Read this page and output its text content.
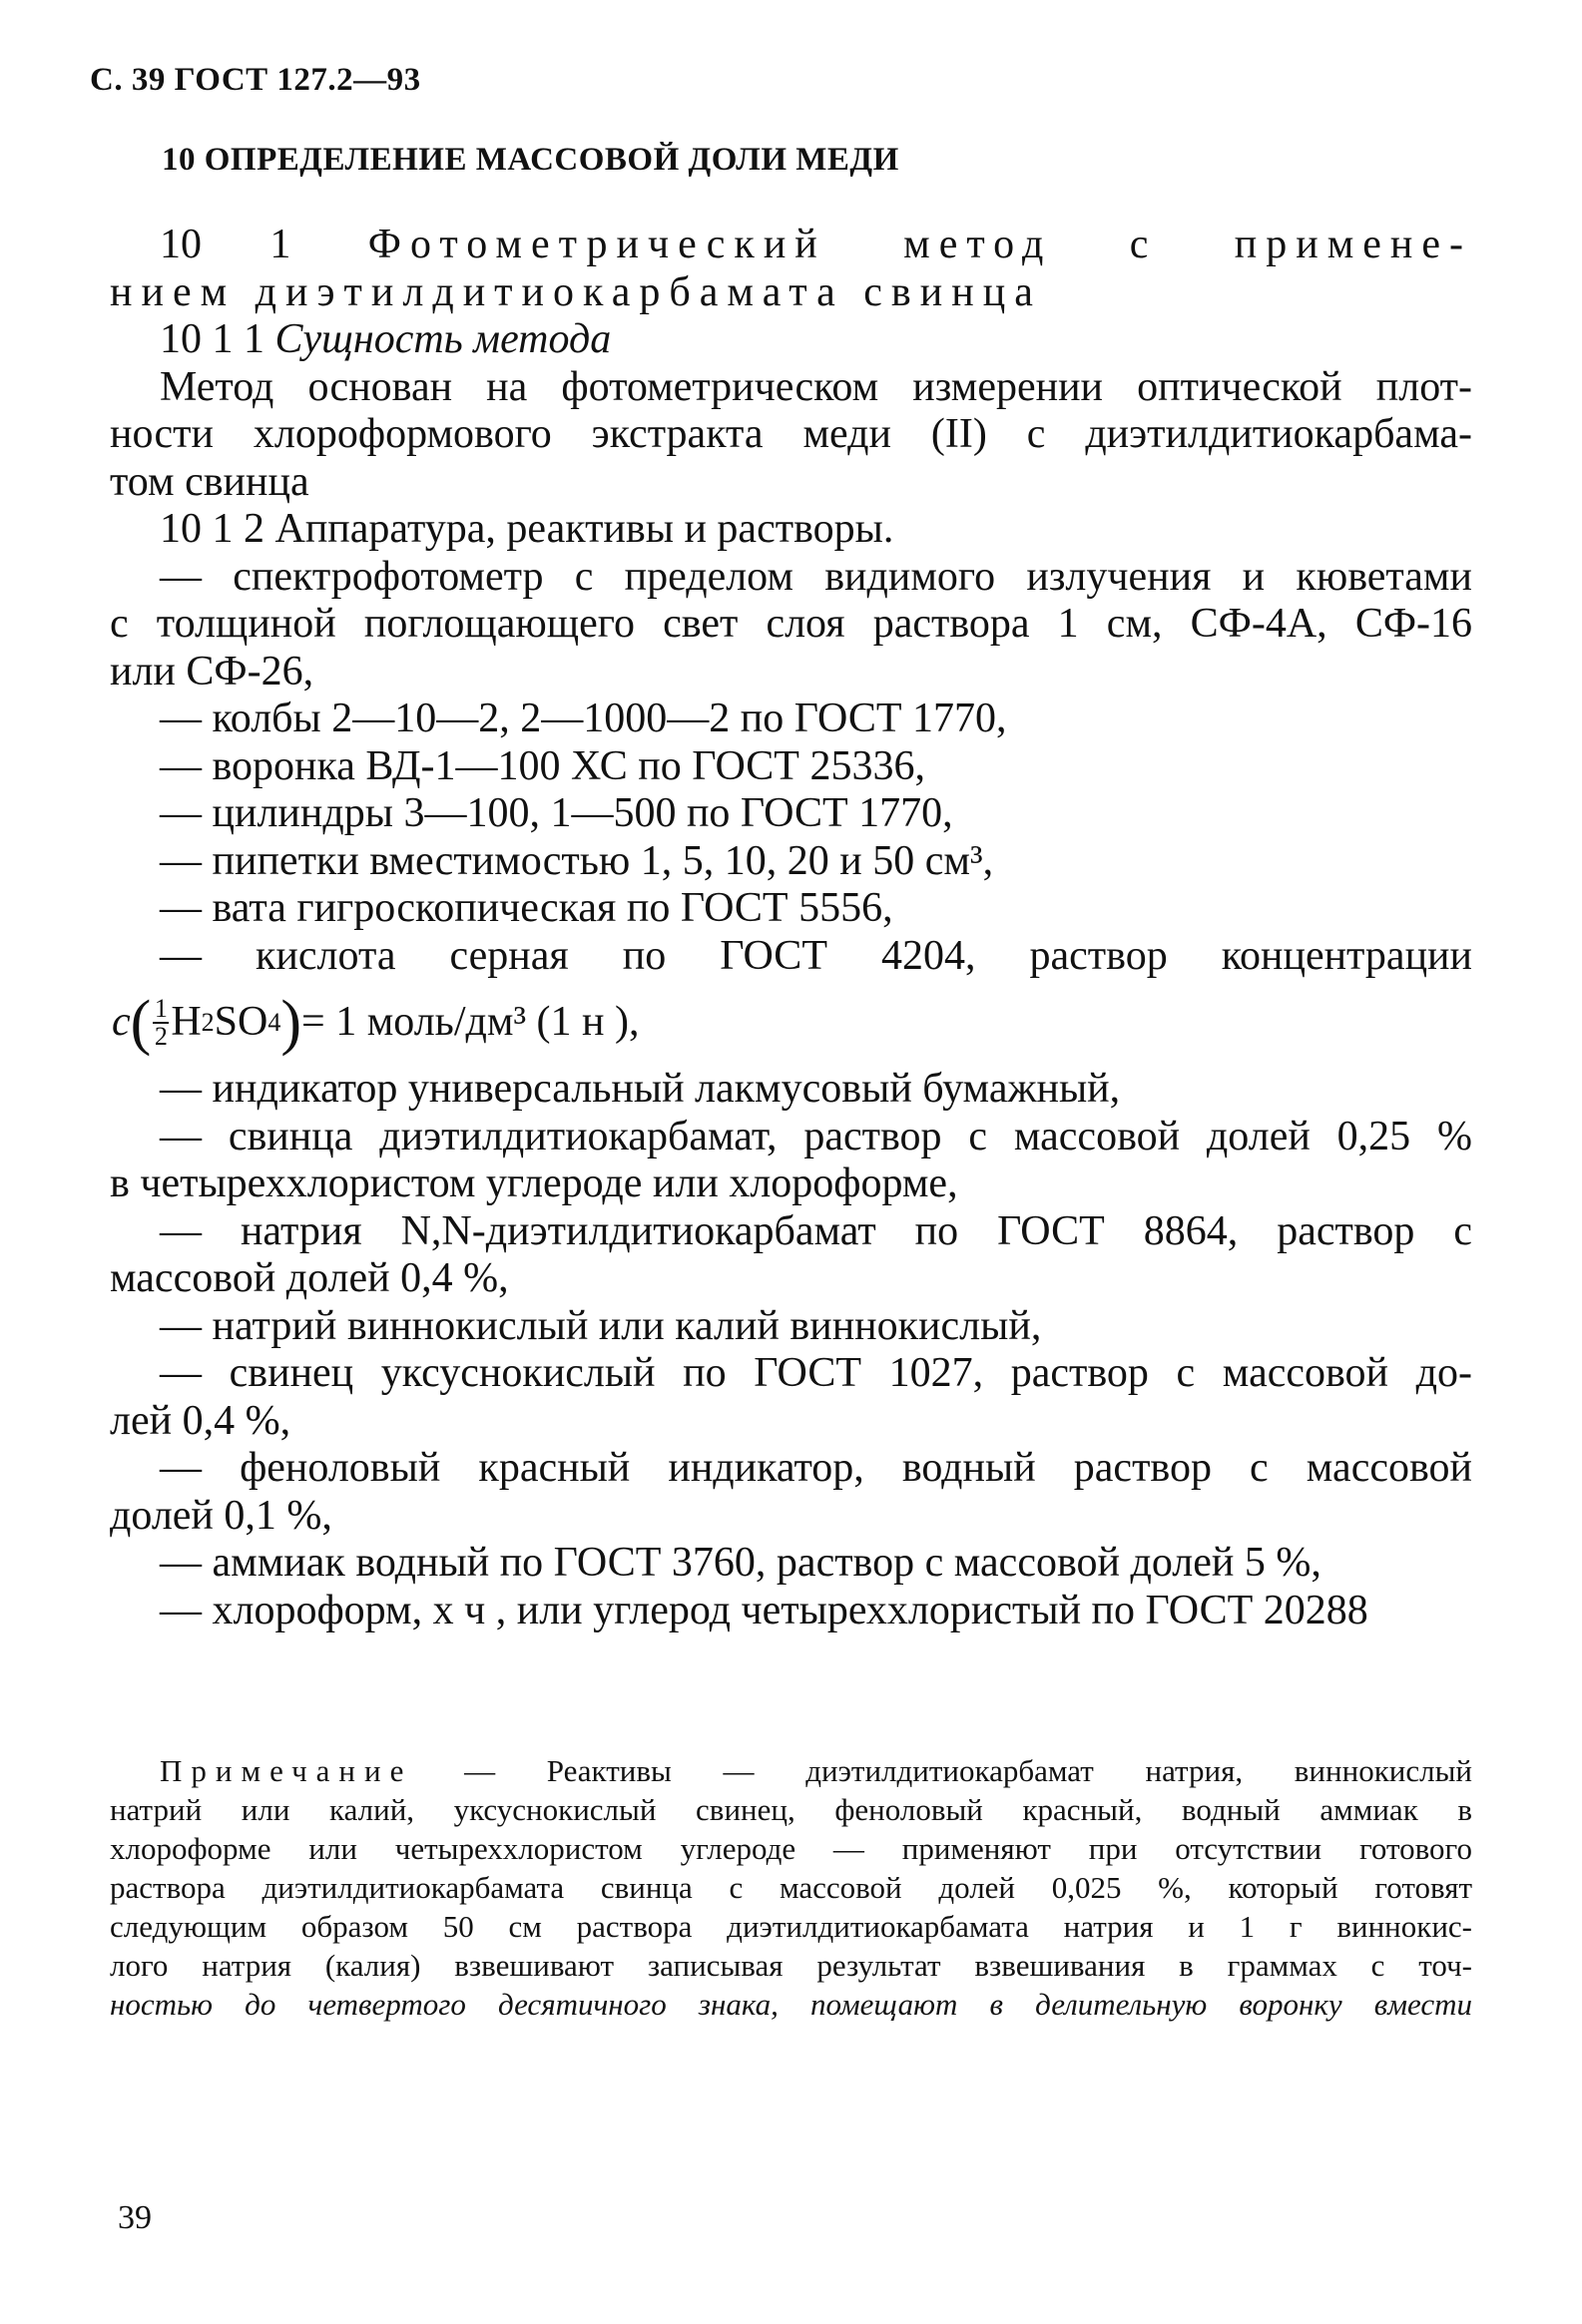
С. 39 ГОСТ 127.2—93
10 ОПРЕДЕЛЕНИЕ МАССОВОЙ ДОЛИ МЕДИ

10 1 Фотометрический метод с примене-

нием диэтилдитиокарбамата свинца

10 1 1 Сущность метода

Метод основан на фотометрическом измерении оптической плот-

ности хлороформового экстракта меди (II) с диэтилдитиокарбама-

том свинца

10 1 2 Аппаратура, реактивы и растворы.

— спектрофотометр с пределом видимого излучения и кюветами

с толщиной поглощающего свет слоя раствора 1 см, СФ-4А, СФ-16

или СФ-26,

— колбы 2—10—2, 2—1000—2 по ГОСТ 1770,

— воронка ВД-1—100 ХС по ГОСТ 25336,

— цилиндры 3—100, 1—500 по ГОСТ 1770,

— пипетки вместимостью 1, 5, 10, 20 и 50 см³,

— вата гигроскопическая по ГОСТ 5556,

— кислота серная по ГОСТ 4204, раствор концентрации

c ( $\frac{1}{2}$ H 2 SO 4 ) = 1 моль/дм³ (1 н ),

— индикатор универсальный лакмусовый бумажный,

— свинца диэтилдитиокарбамат, раствор с массовой долей 0,25 %

в четыреххлористом углероде или хлороформе,

— натрия N,N-диэтилдитиокарбамат по ГОСТ 8864, раствор с

массовой долей 0,4 %,

— натрий виннокислый или калий виннокислый,

— свинец уксуснокислый по ГОСТ 1027, раствор с массовой до-

лей 0,4 %,

— феноловый красный индикатор, водный раствор с массовой

долей 0,1 %,

— аммиак водный по ГОСТ 3760, раствор с массовой долей 5 %,

— хлороформ, х ч , или углерод четыреххлористый по ГОСТ 20288

Примечание — Реактивы — диэтилдитиокарбамат натрия, виннокислый
натрий или калий, уксуснокислый свинец, феноловый красный, водный аммиак в
хлороформе или четыреххлористом углероде — применяют при отсутствии готового
раствора диэтилдитиокарбамата свинца с массовой долей 0,025 %, который готовят
следующим образом 50 см раствора диэтилдитиокарбамата натрия и 1 г виннокис-
лого натрия (калия) взвешивают записывая результат взвешивания в граммах с точ-
ностью до четвертого десятичного знака, помещают в делительную воронку вмести
39
